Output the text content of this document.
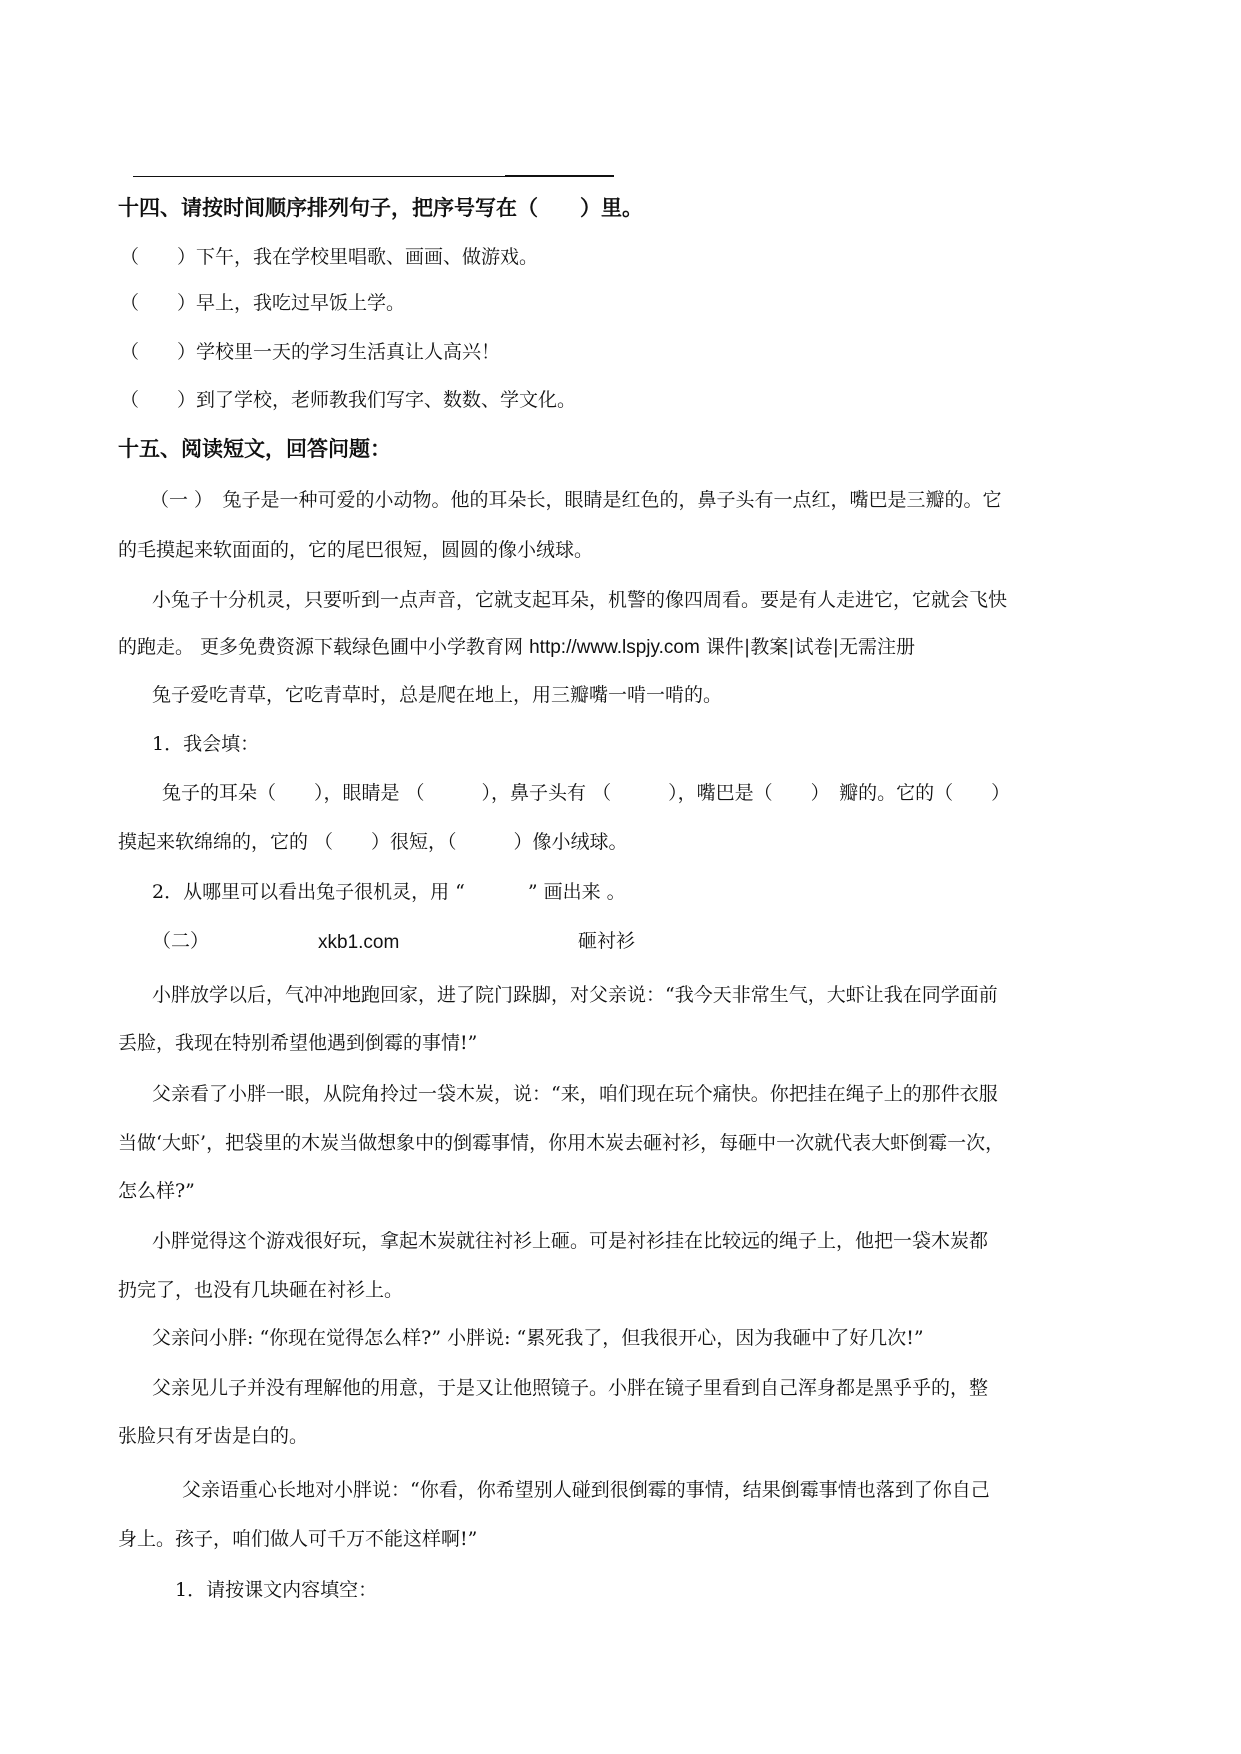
十四、请按时间顺序排列句子，把序号写在（　　）里。
（　　）下午，我在学校里唱歌、画画、做游戏。
（　　）早上，我吃过早饭上学。
（　　）学校里一天的学习生活真让人高兴！
（　　）到了学校，老师教我们写字、数数、学文化。
十五、阅读短文，回答问题：
（一 ）　兔子是一种可爱的小动物。他的耳朵长，眼睛是红色的，鼻子头有一点红，嘴巴是三瓣的。它
的毛摸起来软面面的，它的尾巴很短，圆圆的像小绒球。
小兔子十分机灵，只要听到一点声音，它就支起耳朵，机警的像四周看。要是有人走进它，它就会飞快
的跑走。 更多免费资源下载绿色圃中小学教育网 http://www.lspjy.com 课件|教案|试卷|无需注册
兔子爱吃青草，它吃青草时，总是爬在地上，用三瓣嘴一啃一啃的。
1．我会填：
兔子的耳朵（　　），眼睛是 （　　　），鼻子头有 （　　　），嘴巴是（　　）　瓣的。它的（　　）
摸起来软绵绵的，它的 （　　）很短，（　　　）像小绒球。
2．从哪里可以看出兔子很机灵，用 “　　　 ” 画出来 。
（二）	xkb1.com	砸衬衫
小胖放学以后，气冲冲地跑回家，进了院门跺脚，对父亲说：“我今天非常生气，大虾让我在同学面前
丢脸，我现在特别希望他遇到倒霉的事情!”
父亲看了小胖一眼，从院角拎过一袋木炭，说：“来，咱们现在玩个痛快。你把挂在绳子上的那件衣服
当做‘大虾’，把袋里的木炭当做想象中的倒霉事情，你用木炭去砸衬衫，每砸中一次就代表大虾倒霉一次，
怎么样?”
小胖觉得这个游戏很好玩，拿起木炭就往衬衫上砸。可是衬衫挂在比较远的绳子上，他把一袋木炭都
扔完了，也没有几块砸在衬衫上。
父亲问小胖: “你现在觉得怎么样?” 小胖说: “累死我了，但我很开心，因为我砸中了好几次!”
父亲见儿子并没有理解他的用意，于是又让他照镜子。小胖在镜子里看到自己浑身都是黑乎乎的，整
张脸只有牙齿是白的。
父亲语重心长地对小胖说：“你看，你希望别人碰到很倒霉的事情，结果倒霉事情也落到了你自己
身上。孩子，咱们做人可千万不能这样啊!”
1．请按课文内容填空：
